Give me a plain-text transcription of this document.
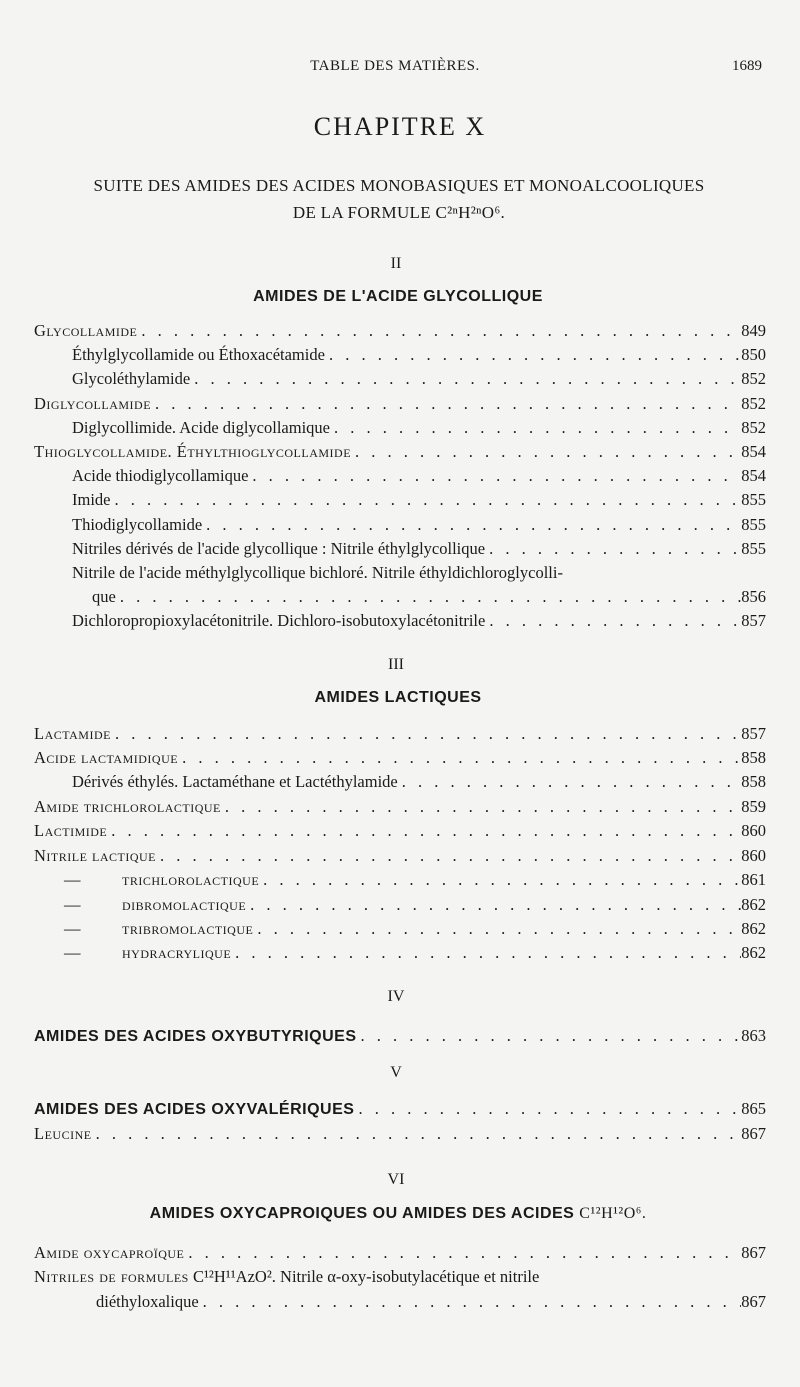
TABLE DES MATIÈRES.	1689
CHAPITRE X
SUITE DES AMIDES DES ACIDES MONOBASIQUES ET MONOALCOOLIQUES
DE LA FORMULE C²ⁿH²ⁿO⁶.
II
AMIDES DE L'ACIDE GLYCOLLIQUE
Glycollamide . . .	849
Éthylglycollamide ou Éthoxacétamide . . .	850
Glycoléthylamide . . .	852
Diglycollamide . . .	852
Diglycollimide. Acide diglycollamique . . .	852
Thioglycollamide. Éthylthioglycollamide . . .	854
Acide thiodiglycollamique . . .	854
Imide . . .	855
Thiodiglycollamide . . .	855
Nitriles dérivés de l'acide glycollique : Nitrile éthylglycollique . . .	855
Nitrile de l'acide méthylglycollique bichloré. Nitrile éthyldichloroglycolli-
que . . .	856
Dichloropropioxylacétonitrile. Dichloro-isobutoxylacétonitrile . . .	857
III
AMIDES LACTIQUES
Lactamide . . .	857
Acide lactamidique . . .	858
Dérivés éthylés. Lactaméthane et Lactéthylamide . . .	858
Amide trichlorolactique . . .	859
Lactimide . . .	860
Nitrile lactique . . .	860
— trichlorolactique . . .	861
— dibromolactique . . .	862
— tribromolactique . . .	862
— hydracrylique . . .	862
IV
AMIDES DES ACIDES OXYBUTYRIQUES . . .	863
V
AMIDES DES ACIDES OXYVALÉRIQUES . . .	865
Leucine . . .	867
VI
AMIDES OXYCAPROIQUES OU AMIDES DES ACIDES C¹²H¹²O⁶.
Amide oxycaproïque . . .	867
Nitriles de formules C¹²H¹¹AzO². Nitrile α-oxy-isobutylacétique et nitrile
diéthyloxalique . . .	867
